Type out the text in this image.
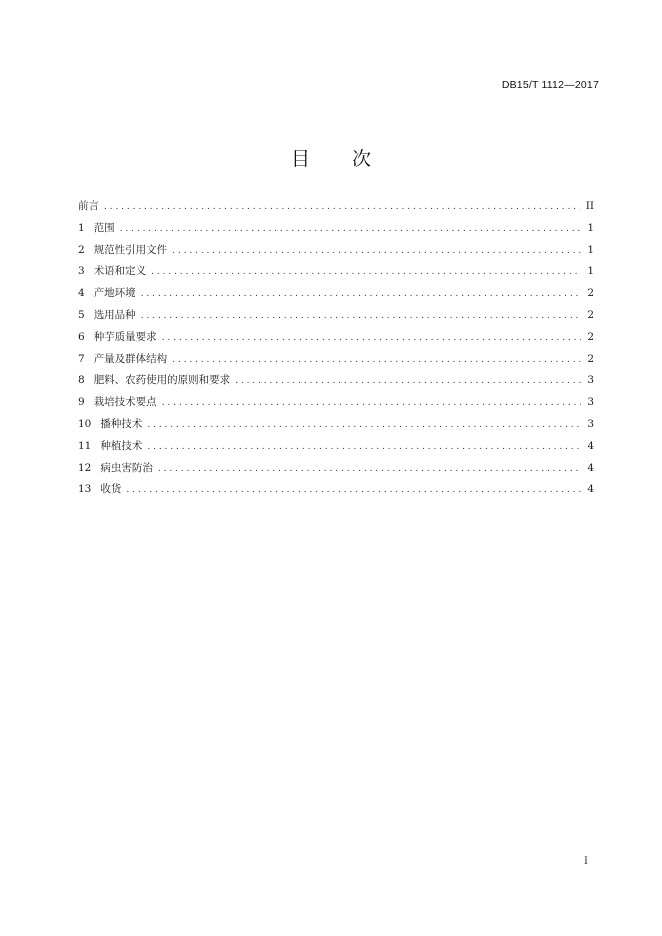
DB15/T 1112—2017
目 次
前言 . . .	II
1 范围 . . .	1
2 规范性引用文件 . . .	1
3 术语和定义 . . .	1
4 产地环境 . . .	2
5 选用品种 . . .	2
6 种芋质量要求 . . .	2
7 产量及群体结构 . . .	2
8 肥料、农药使用的原则和要求 . . .	3
9 栽培技术要点 . . .	3
10 播种技术 . . .	3
11 种植技术 . . .	4
12 病虫害防治 . . .	4
13 收货 . . .	4
I
